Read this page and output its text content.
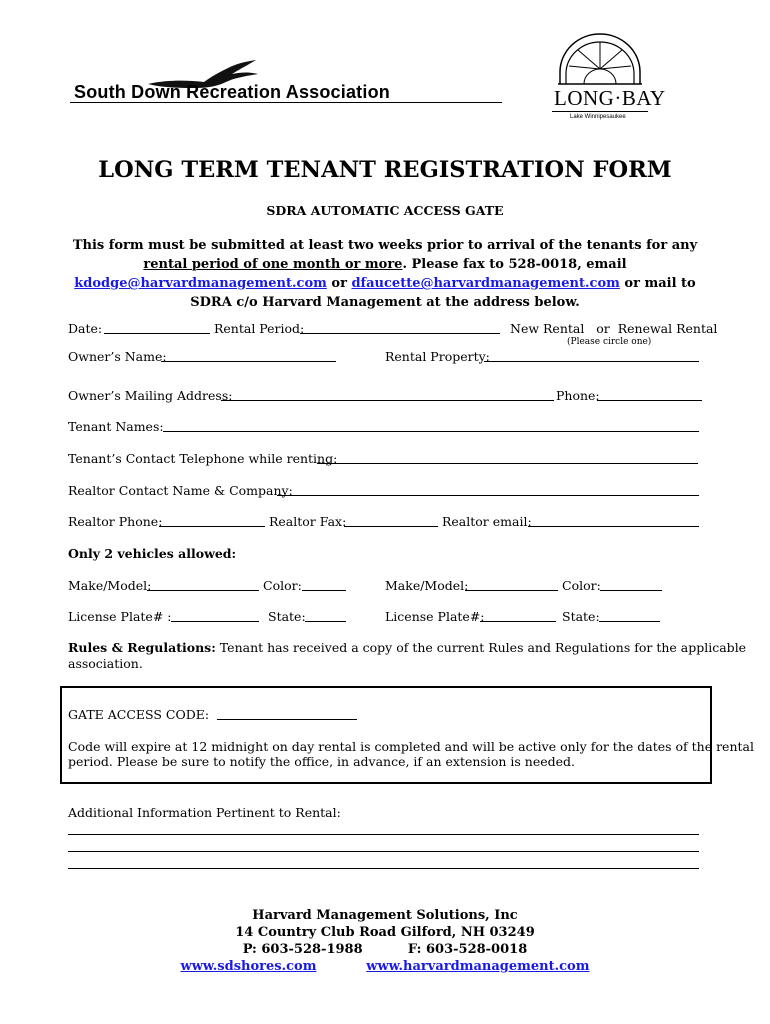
South Down Recreation Association	LONG·BAY
Lake Winnipesaukee
LONG TERM TENANT REGISTRATION FORM
SDRA AUTOMATIC ACCESS GATE
This form must be submitted at least two weeks prior to arrival of the tenants for any
rental period of one month or more. Please fax to 528-0018, email
kdodge@harvardmanagement.com or dfaucette@harvardmanagement.com or mail to
SDRA c/o Harvard Management at the address below.
Date:	Rental Period:	New Rental   or  Renewal Rental
(Please circle one)
Owner’s Name:	Rental Property:
Owner’s Mailing Address:	Phone:
Tenant Names:
Tenant’s Contact Telephone while renting:
Realtor Contact Name & Company:
Realtor Phone:	Realtor Fax:	Realtor email:
Only 2 vehicles allowed:
Make/Model:	Color:	Make/Model:	Color:
License Plate# :	State:	License Plate#:	State:
Rules & Regulations: Tenant has received a copy of the current Rules and Regulations for the applicable
association.
GATE ACCESS CODE:
Code will expire at 12 midnight on day rental is completed and will be active only for the dates of the rental
period. Please be sure to notify the office, in advance, if an extension is needed.
Additional Information Pertinent to Rental:
Harvard Management Solutions, Inc
14 Country Club Road Gilford, NH 03249
P: 603-528-1988	F: 603-528-0018
www.sdshores.com	www.harvardmanagement.com
